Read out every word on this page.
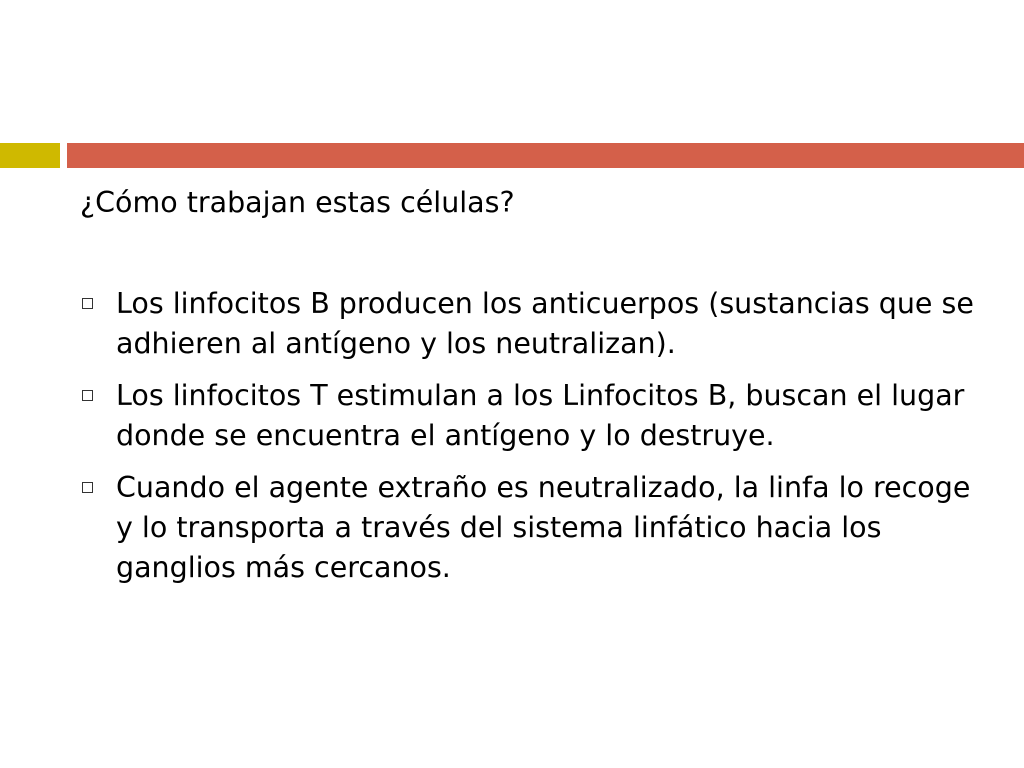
¿Cómo trabajan estas células?
Los linfocitos B producen los anticuerpos (sustancias que se adhieren al antígeno y los neutralizan).
Los linfocitos T estimulan a los Linfocitos B, buscan el lugar donde se encuentra el antígeno y lo destruye.
Cuando el agente extraño es neutralizado, la linfa lo recoge y lo transporta a través del sistema linfático hacia los ganglios más cercanos.
